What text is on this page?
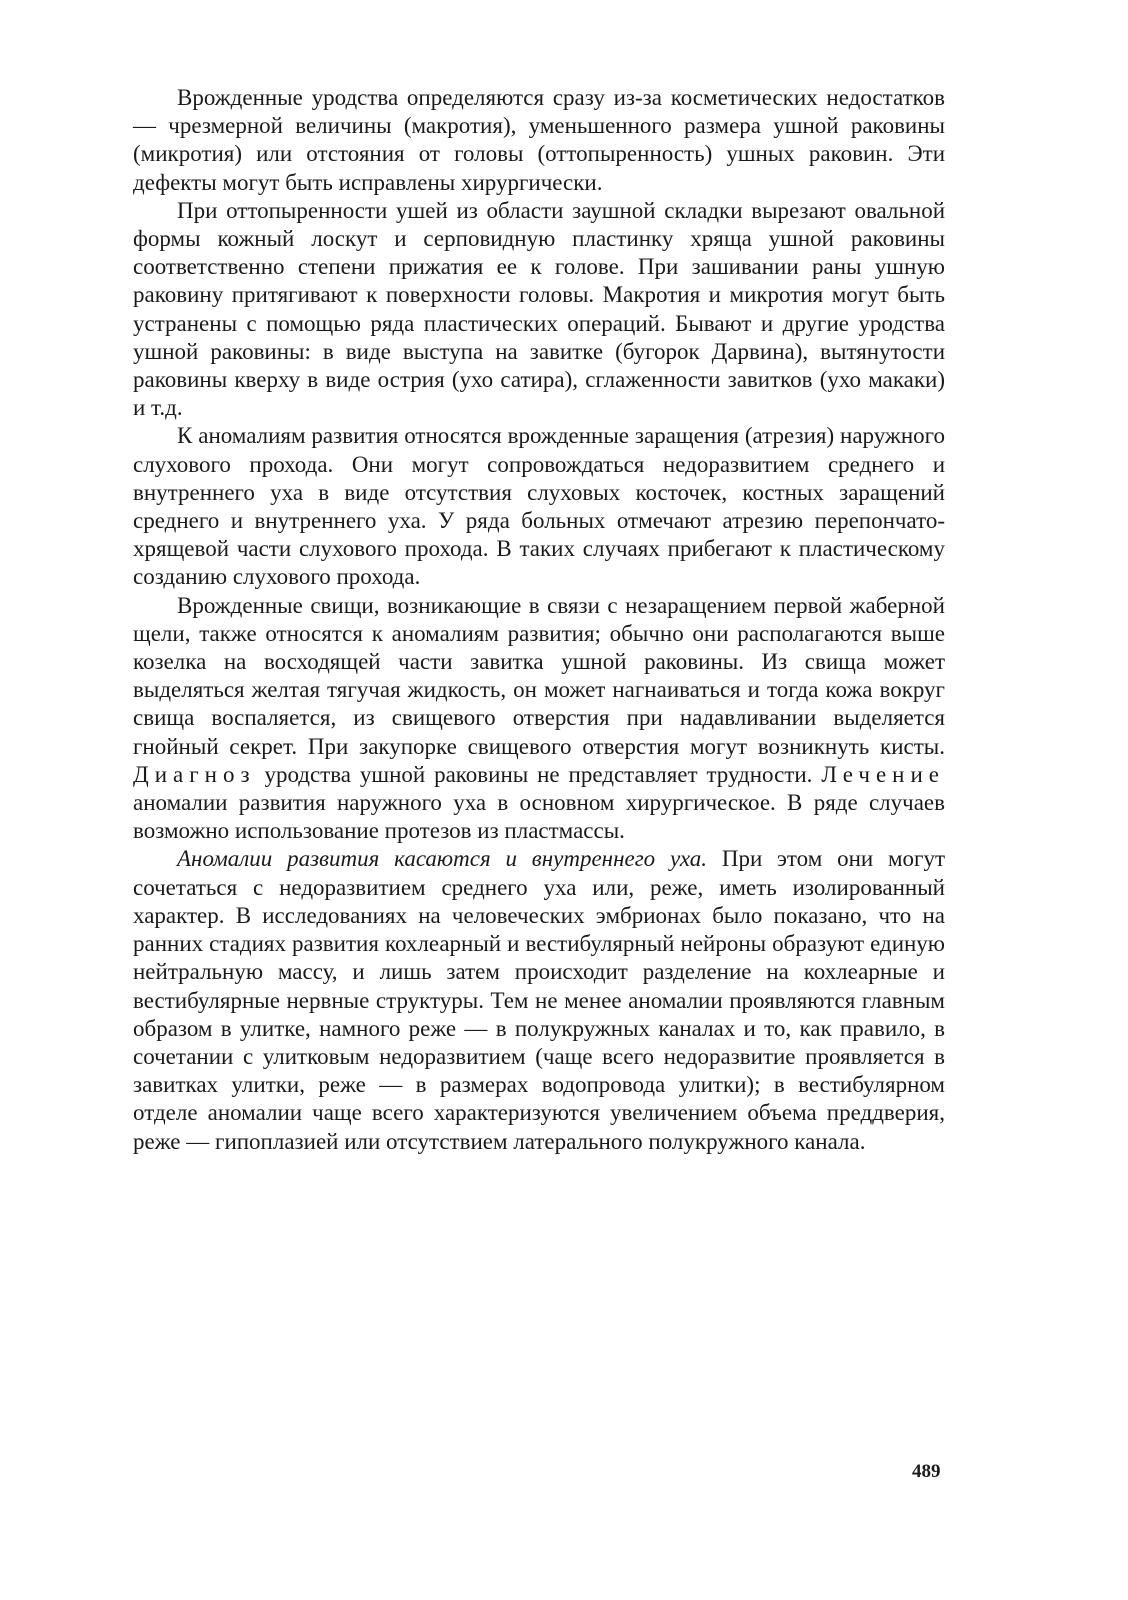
Врожденные уродства определяются сразу из-за косметических недостатков — чрезмерной величины (макротия), уменьшенного размера ушной раковины (микротия) или отстояния от головы (оттопыренность) ушных раковин. Эти дефекты могут быть исправлены хирургически.

При оттопыренности ушей из области заушной складки вырезают овальной формы кожный лоскут и серповидную пластинку хряща ушной раковины соответственно степени прижатия ее к голове. При зашивании раны ушную раковину притягивают к поверхности головы. Макротия и микротия могут быть устранены с помощью ряда пластических операций. Бывают и другие уродства ушной раковины: в виде выступа на завитке (бугорок Дарвина), вытянутости раковины кверху в виде острия (ухо сатира), сглаженности завитков (ухо макаки) и т.д.

К аномалиям развития относятся врожденные заращения (атрезия) наружного слухового прохода. Они могут сопровождаться недоразвитием среднего и внутреннего уха в виде отсутствия слуховых косточек, костных заращений среднего и внутреннего уха. У ряда больных отмечают атрезию перепончато-хрящевой части слухового прохода. В таких случаях прибегают к пластическому созданию слухового прохода.

Врожденные свищи, возникающие в связи с незаращением первой жаберной щели, также относятся к аномалиям развития; обычно они располагаются выше козелка на восходящей части завитка ушной раковины. Из свища может выделяться желтая тягучая жидкость, он может нагнаиваться и тогда кожа вокруг свища воспаляется, из свищевого отверстия при надавливании выделяется гнойный секрет. При закупорке свищевого отверстия могут возникнуть кисты. Диагноз уродства ушной раковины не представляет трудности. Лечение аномалии развития наружного уха в основном хирургическое. В ряде случаев возможно использование протезов из пластмассы.

Аномалии развития касаются и внутреннего уха. При этом они могут сочетаться с недоразвитием среднего уха или, реже, иметь изолированный характер. В исследованиях на человеческих эмбрионах было показано, что на ранних стадиях развития кохлеарный и вестибулярный нейроны образуют единую нейтральную массу, и лишь затем происходит разделение на кохлеарные и вестибулярные нервные структуры. Тем не менее аномалии проявляются главным образом в улитке, намного реже — в полукружных каналах и то, как правило, в сочетании с улитковым недоразвитием (чаще всего недоразвитие проявляется в завитках улитки, реже — в размерах водопровода улитки); в вестибулярном отделе аномалии чаще всего характеризуются увеличением объема преддверия, реже — гипоплазией или отсутствием латерального полукружного канала.

489
